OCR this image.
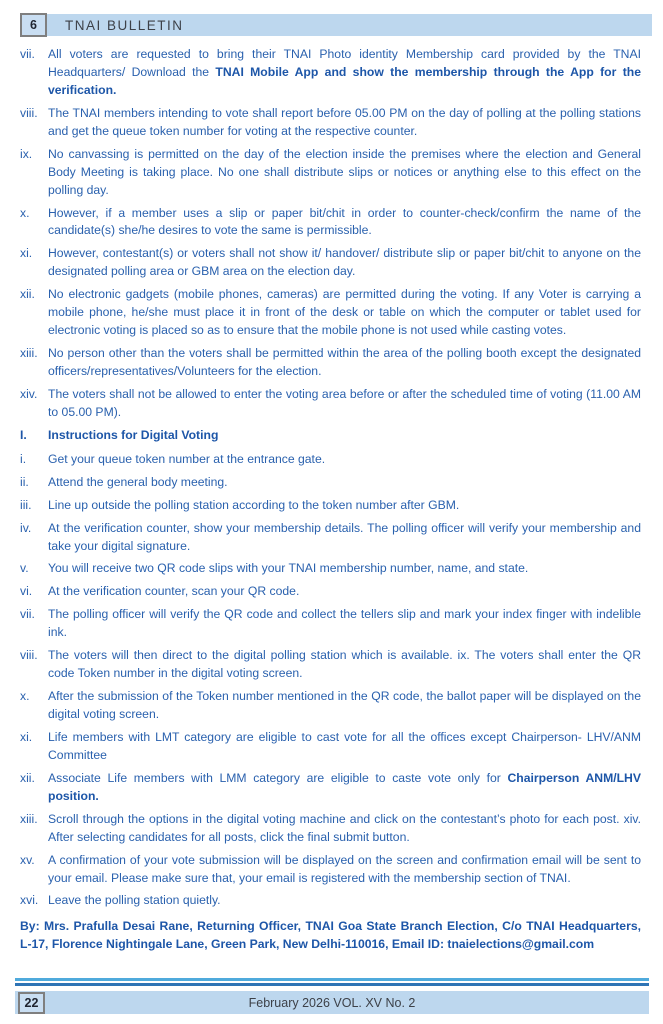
6	TNAI BULLETIN
vii.	All voters are requested to bring their TNAI Photo identity Membership card provided by the TNAI Headquarters/ Download the TNAI Mobile App and show the membership through the App for the verification.
viii. The TNAI members intending to vote shall report before 05.00 PM on the day of polling at the polling stations and get the queue token number for voting at the respective counter.
ix.	No canvassing is permitted on the day of the election inside the premises where the election and General Body Meeting is taking place. No one shall distribute slips or notices or anything else to this effect on the polling day.
x.	However, if a member uses a slip or paper bit/chit in order to counter-check/confirm the name of the candidate(s) she/he desires to vote the same is permissible.
xi.	However, contestant(s) or voters shall not show it/ handover/ distribute slip or paper bit/chit to anyone on the designated polling area or GBM area on the election day.
xii.	No electronic gadgets (mobile phones, cameras) are permitted during the voting. If any Voter is carrying a mobile phone, he/she must place it in front of the desk or table on which the computer or tablet used for electronic voting is placed so as to ensure that the mobile phone is not used while casting votes.
xiii. No person other than the voters shall be permitted within the area of the polling booth except the designated officers/representatives/Volunteers for the election.
xiv. The voters shall not be allowed to enter the voting area before or after the scheduled time of voting (11.00 AM to 05.00 PM).
I.	Instructions for Digital Voting
i.	Get your queue token number at the entrance gate.
ii.	Attend the general body meeting.
iii.	Line up outside the polling station according to the token number after GBM.
iv.	At the verification counter, show your membership details. The polling officer will verify your membership and take your digital signature.
v.	You will receive two QR code slips with your TNAI membership number, name, and state.
vi.	At the verification counter, scan your QR code.
vii.	The polling officer will verify the QR code and collect the tellers slip and mark your index finger with indelible ink.
viii. The voters will then direct to the digital polling station which is available. ix. The voters shall enter the QR code Token number in the digital voting screen.
x.	After the submission of the Token number mentioned in the QR code, the ballot paper will be displayed on the digital voting screen.
xi.	Life members with LMT category are eligible to cast vote for all the offices except Chairperson- LHV/ANM Committee
xii.	Associate Life members with LMM category are eligible to caste vote only for Chairperson ANM/LHV position.
xiii. Scroll through the options in the digital voting machine and click on the contestant’s photo for each post. xiv. After selecting candidates for all posts, click the final submit button.
xv.	A confirmation of your vote submission will be displayed on the screen and confirmation email will be sent to your email. Please make sure that, your email is registered with the membership section of TNAI.
xvi. Leave the polling station quietly.

By: Mrs. Prafulla Desai Rane, Returning Officer, TNAI Goa State Branch Election, C/o TNAI Headquarters, L-17, Florence Nightingale Lane, Green Park, New Delhi-110016, Email ID: tnaielections@gmail.com

22	February 2026 VOL. XV No. 2
